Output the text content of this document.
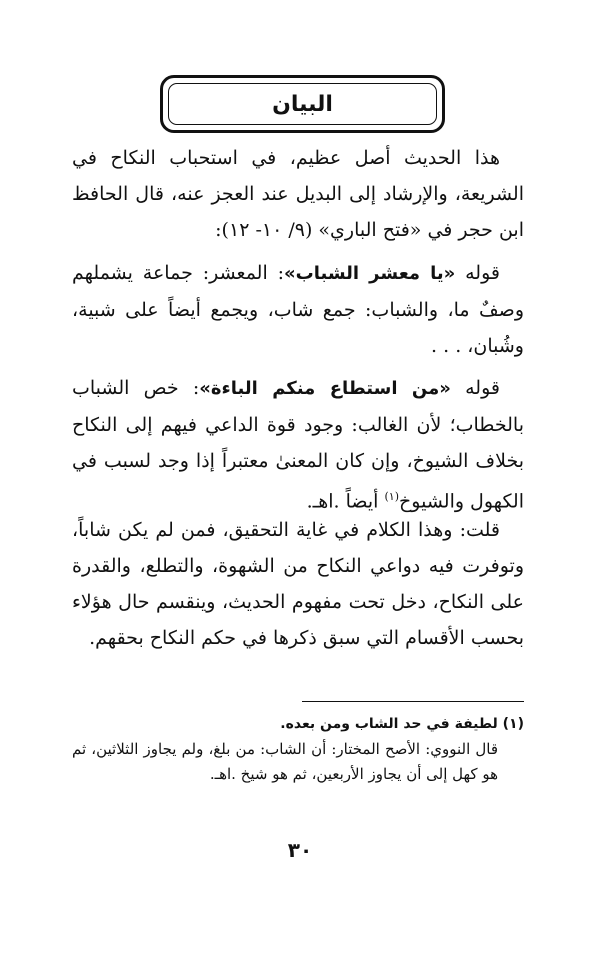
البيان

هذا الحديث أصل عظيم، في استحباب النكاح في الشريعة، والإرشاد إلى البديل عند العجز عنه، قال الحافظ ابن حجر في «فتح الباري» (٩/ ١٠- ١٢):

قوله «يا معشر الشباب»: المعشر: جماعة يشملهم وصفٌ ما، والشباب: جمع شاب، ويجمع أيضاً على شبية، وشُبان، . . .

قوله «من استطاع منكم الباءة»: خص الشباب بالخطاب؛ لأن الغالب: وجود قوة الداعي فيهم إلى النكاح بخلاف الشيوخ، وإن كان المعنىٰ معتبراً إذا وجد لسبب في الكهول والشيوخ$^{(١)}$ أيضاً .اهـ.

قلت: وهذا الكلام في غاية التحقيق، فمن لم يكن شاباً، وتوفرت فيه دواعي النكاح من الشهوة، والتطلع، والقدرة على النكاح، دخل تحت مفهوم الحديث، وينقسم حال هؤلاء بحسب الأقسام التي سبق ذكرها في حكم النكاح بحقهم.

(١) لطيفة في حد الشاب ومن بعده.

قال النووي: الأصح المختار: أن الشاب: من بلغ، ولم يجاوز الثلاثين، ثم هو كهل إلى أن يجاوز الأربعين، ثم هو شيخ .اهـ.

٣٠
